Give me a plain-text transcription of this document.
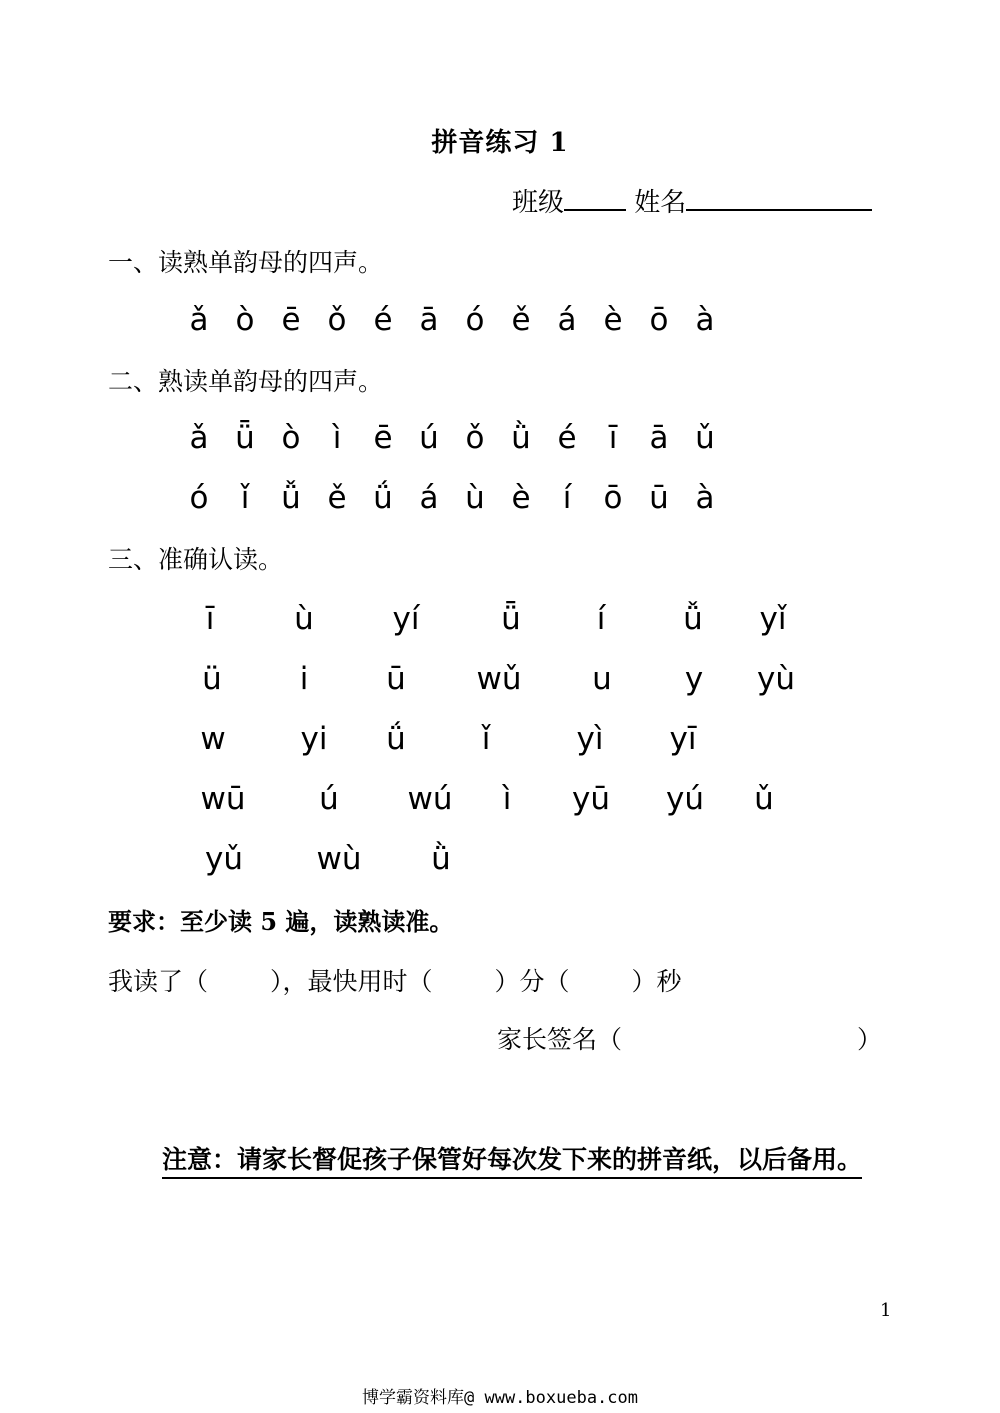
拼音练习 1
班级	姓名
一、读熟单韵母的四声。
ǎ ò ē ǒ é ā ó ě á è ō à
二、熟读单韵母的四声。
ǎ ǖ ò ì ē ú ǒ ǜ é ī ā ǔ
ó ǐ ǚ ě ǘ á ù è í ō ū à
三、准确认读。
ī	ù	yí	ǖ í	ǚ yǐ
ü	i	ū wǔ u y yù
w yi ǘ ǐ	yì yī
wū ú wú ì yū yú ǔ
yǔ wù ǜ
要求：至少读 5 遍，读熟读准。
我读了（ ），最快用时（ ）分（ ）秒
家长签名（	）
注意：请家长督促孩子保管好每次发下来的拼音纸，以后备用。
1
博学霸资料库@ www.boxueba.com
